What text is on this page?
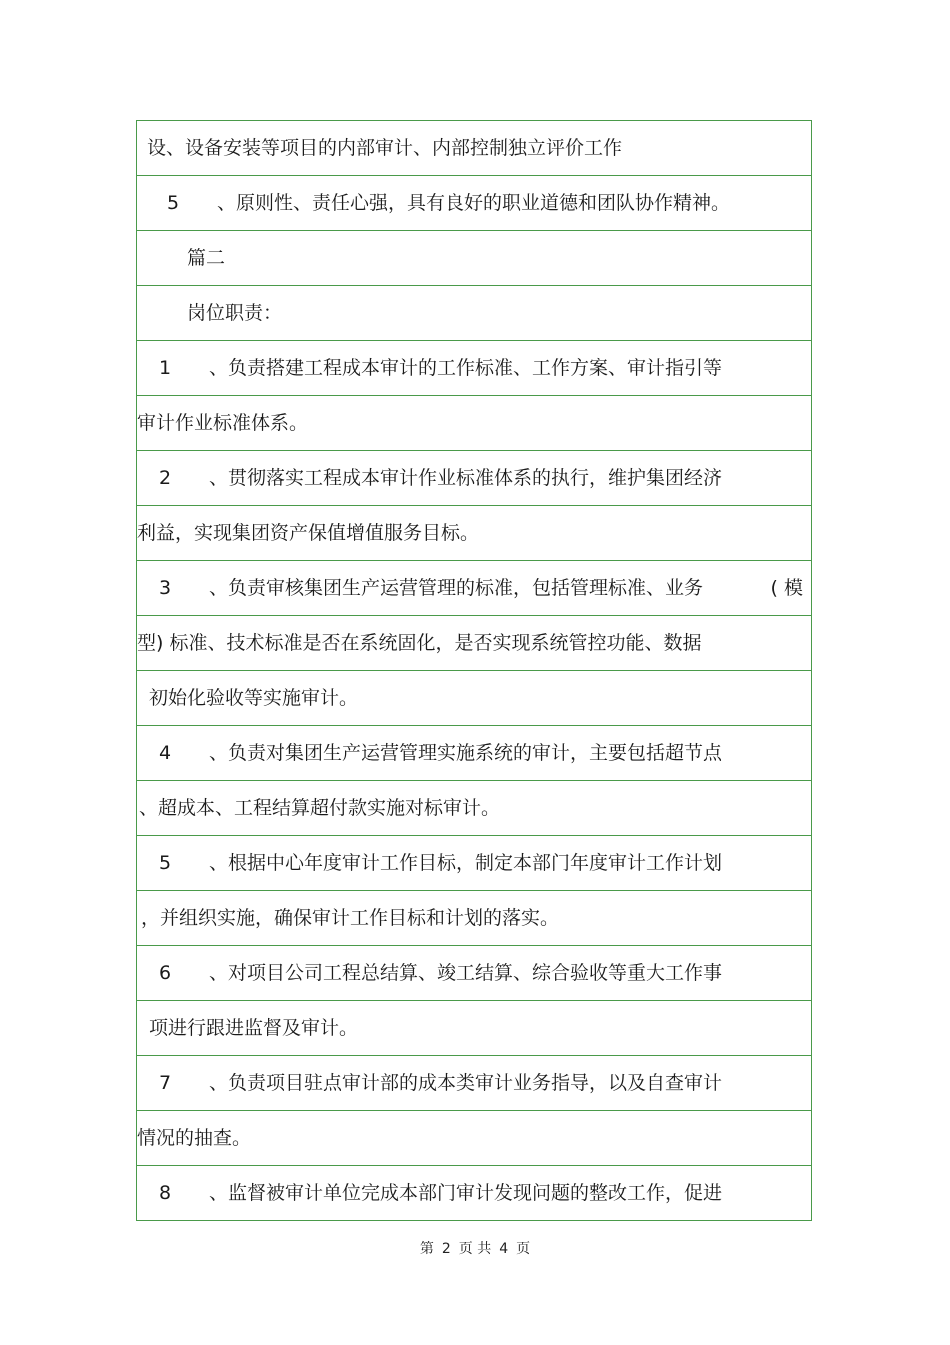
设、设备安装等项目的内部审计、内部控制独立评价工作
5 、原则性、责任心强，具有良好的职业道德和团队协作精神。
篇二
岗位职责：
1 、负责搭建工程成本审计的工作标准、工作方案、审计指引等
审计作业标准体系。
2 、贯彻落实工程成本审计作业标准体系的执行，维护集团经济
利益，实现集团资产保值增值服务目标。
3 、负责审核集团生产运营管理的标准，包括管理标准、业务	( 模
型) 标准、技术标准是否在系统固化，是否实现系统管控功能、数据
初始化验收等实施审计。
4 、负责对集团生产运营管理实施系统的审计，主要包括超节点
、超成本、工程结算超付款实施对标审计。
5 、根据中心年度审计工作目标，制定本部门年度审计工作计划
，并组织实施，确保审计工作目标和计划的落实。
6 、对项目公司工程总结算、竣工结算、综合验收等重大工作事
项进行跟进监督及审计。
7 、负责项目驻点审计部的成本类审计业务指导，以及自查审计
情况的抽查。
8 、监督被审计单位完成本部门审计发现问题的整改工作，促进
第 2 页 共 4 页
